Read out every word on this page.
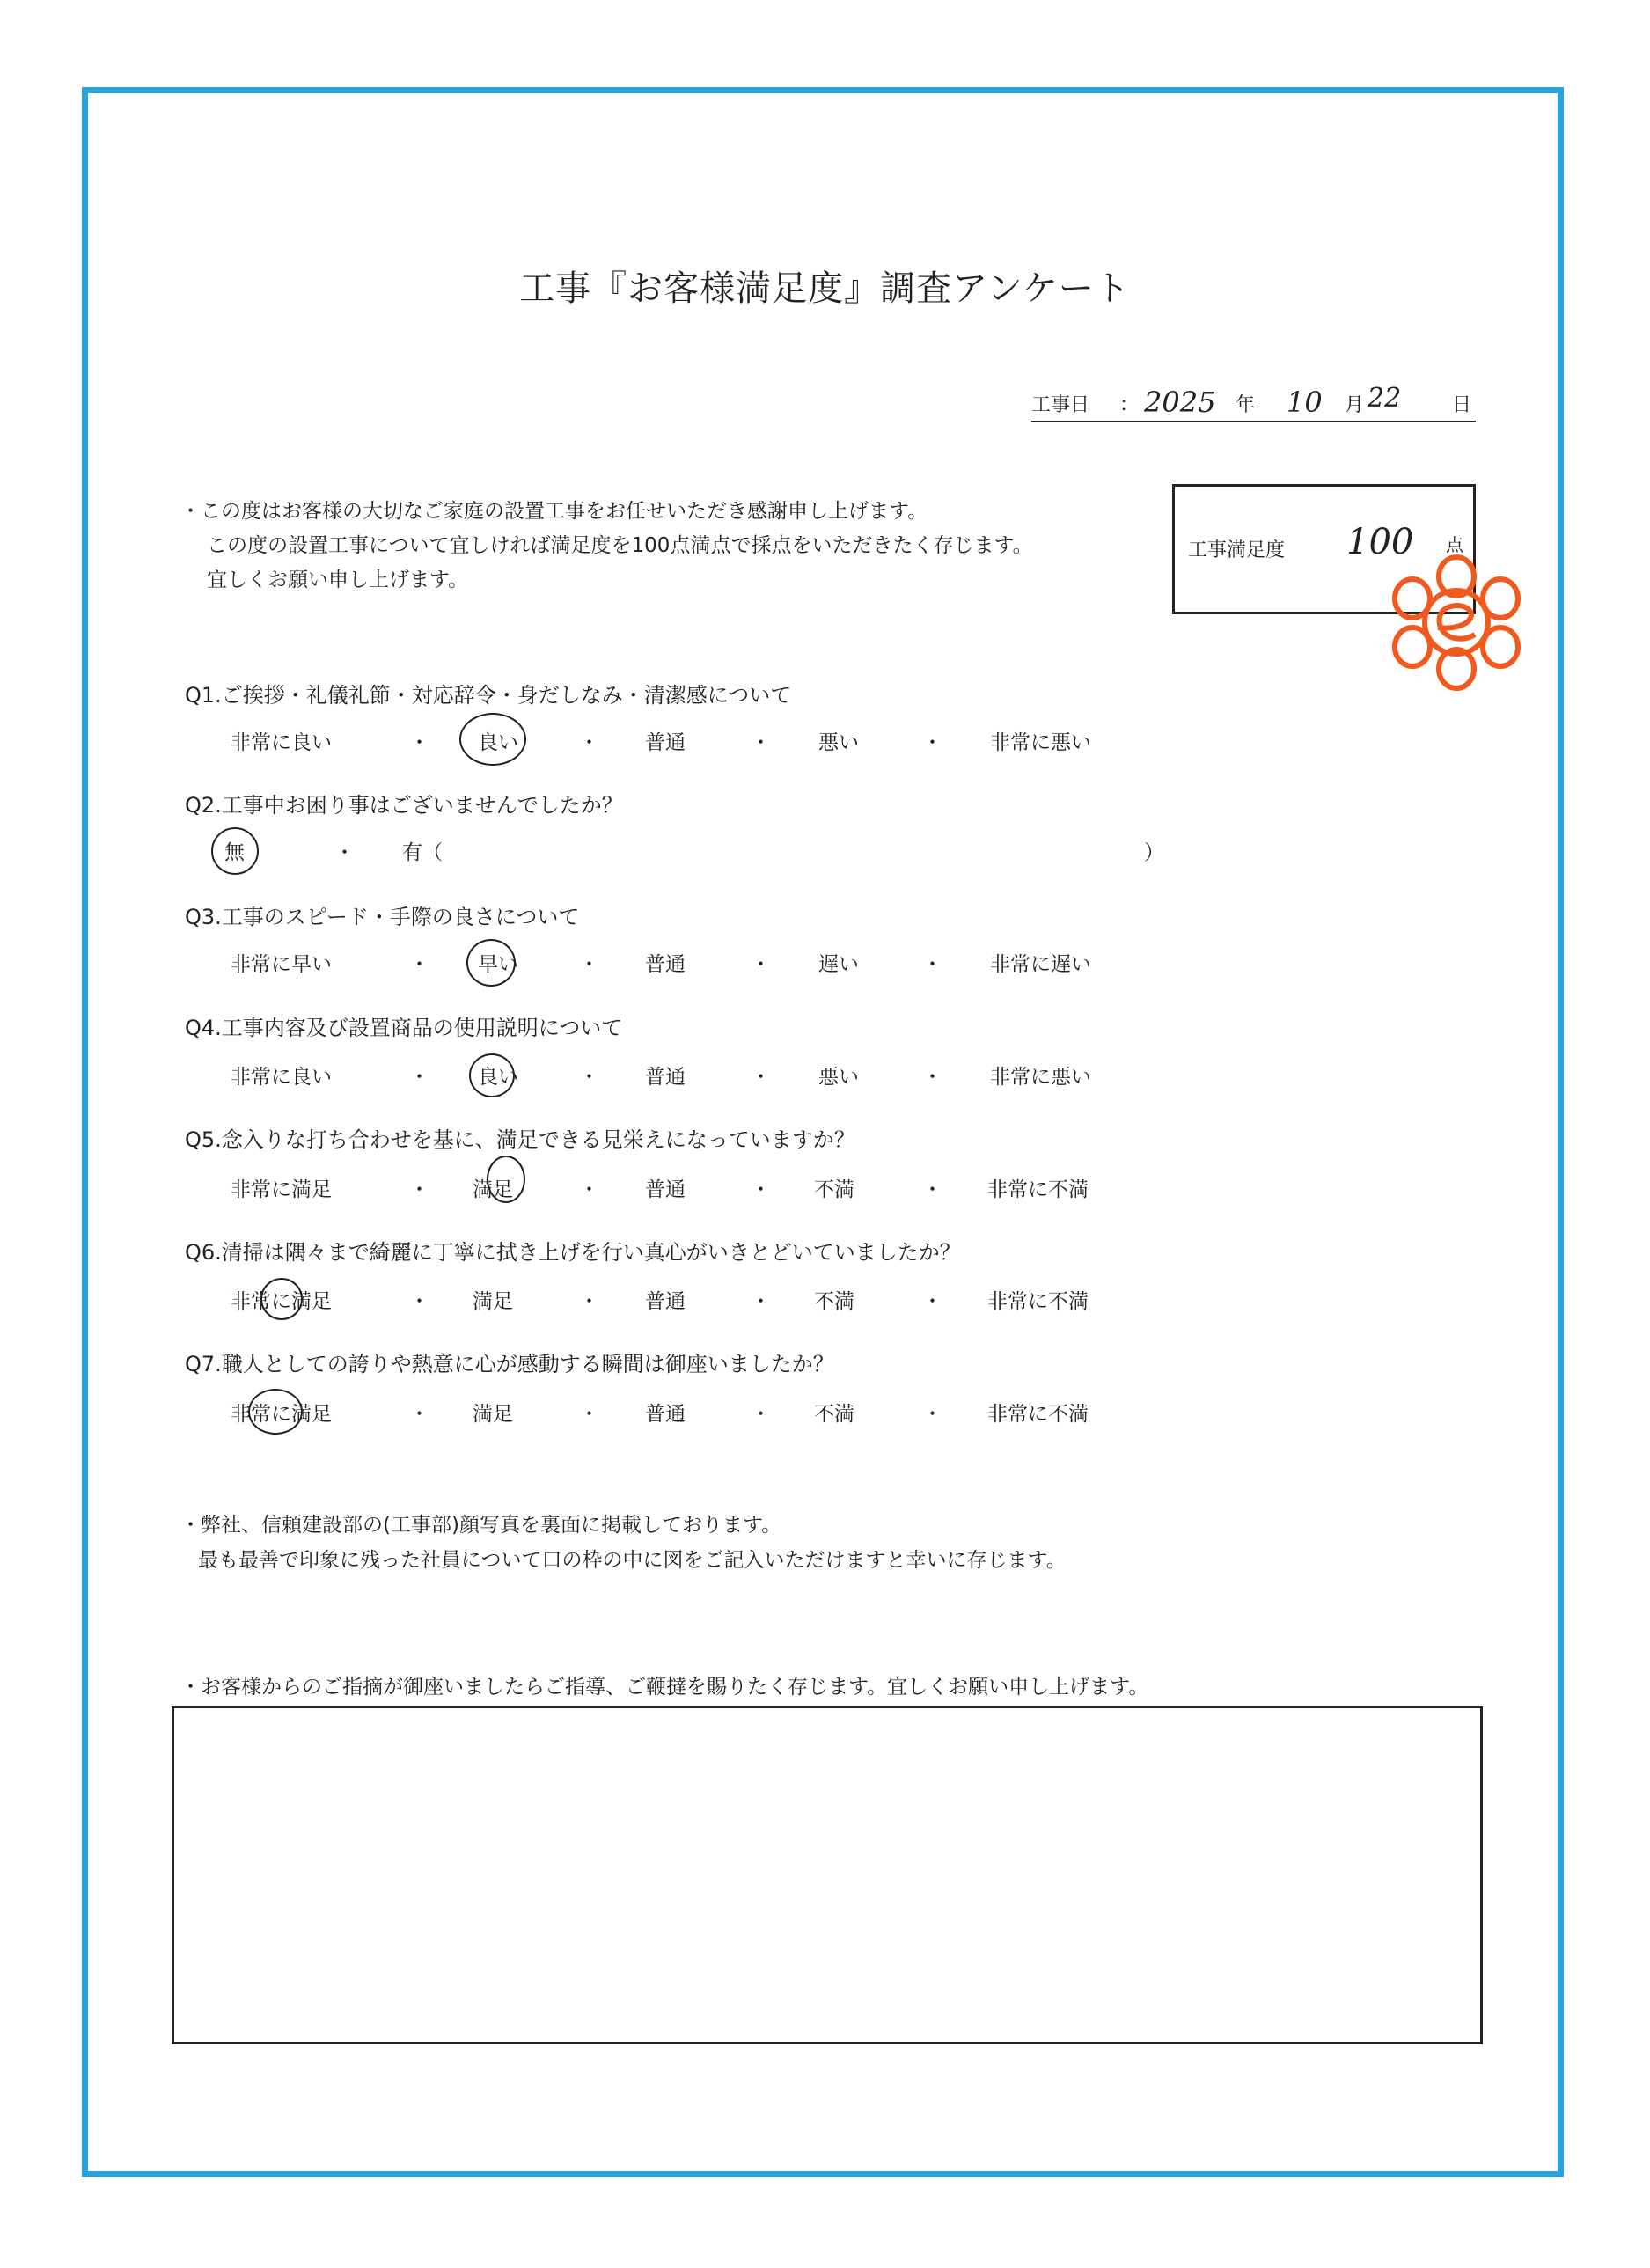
工事『お客様満足度』調査アンケート
工事日 ： 2025 年 10 月 22	日
・この度はお客様の大切なご家庭の設置工事をお任せいただき感謝申し上げます。
この度の設置工事について宜しければ満足度を100点満点で採点をいただきたく存じます。
宜しくお願い申し上げます。
工事満足度 100 点
Q1.ご挨拶・礼儀礼節・対応辞令・身だしなみ・清潔感について
非常に良い	・ 良い	・ 普通	・ 悪い	・ 非常に悪い
Q2.工事中お困り事はございませんでしたか？
無	・ 有（	）
Q3.工事のスピード・手際の良さについて
非常に早い	・ 早い	・ 普通	・ 遅い	・ 非常に遅い
Q4.工事内容及び設置商品の使用説明について
非常に良い	・ 良い	・ 普通	・ 悪い	・ 非常に悪い
Q5.念入りな打ち合わせを基に、満足できる見栄えになっていますか？
非常に満足	・ 満足	・ 普通	・ 不満	・ 非常に不満
Q6.清掃は隅々まで綺麗に丁寧に拭き上げを行い真心がいきとどいていましたか？
非常に満足	・ 満足	・ 普通	・ 不満	・ 非常に不満
Q7.職人としての誇りや熱意に心が感動する瞬間は御座いましたか？
非常に満足	・ 満足	・ 普通	・ 不満	・ 非常に不満
・弊社、信頼建設部の(工事部)顔写真を裏面に掲載しております。
最も最善で印象に残った社員について口の枠の中に図をご記入いただけますと幸いに存じます。
・お客様からのご指摘が御座いましたらご指導、ご鞭撻を賜りたく存じます。宜しくお願い申し上げます。
